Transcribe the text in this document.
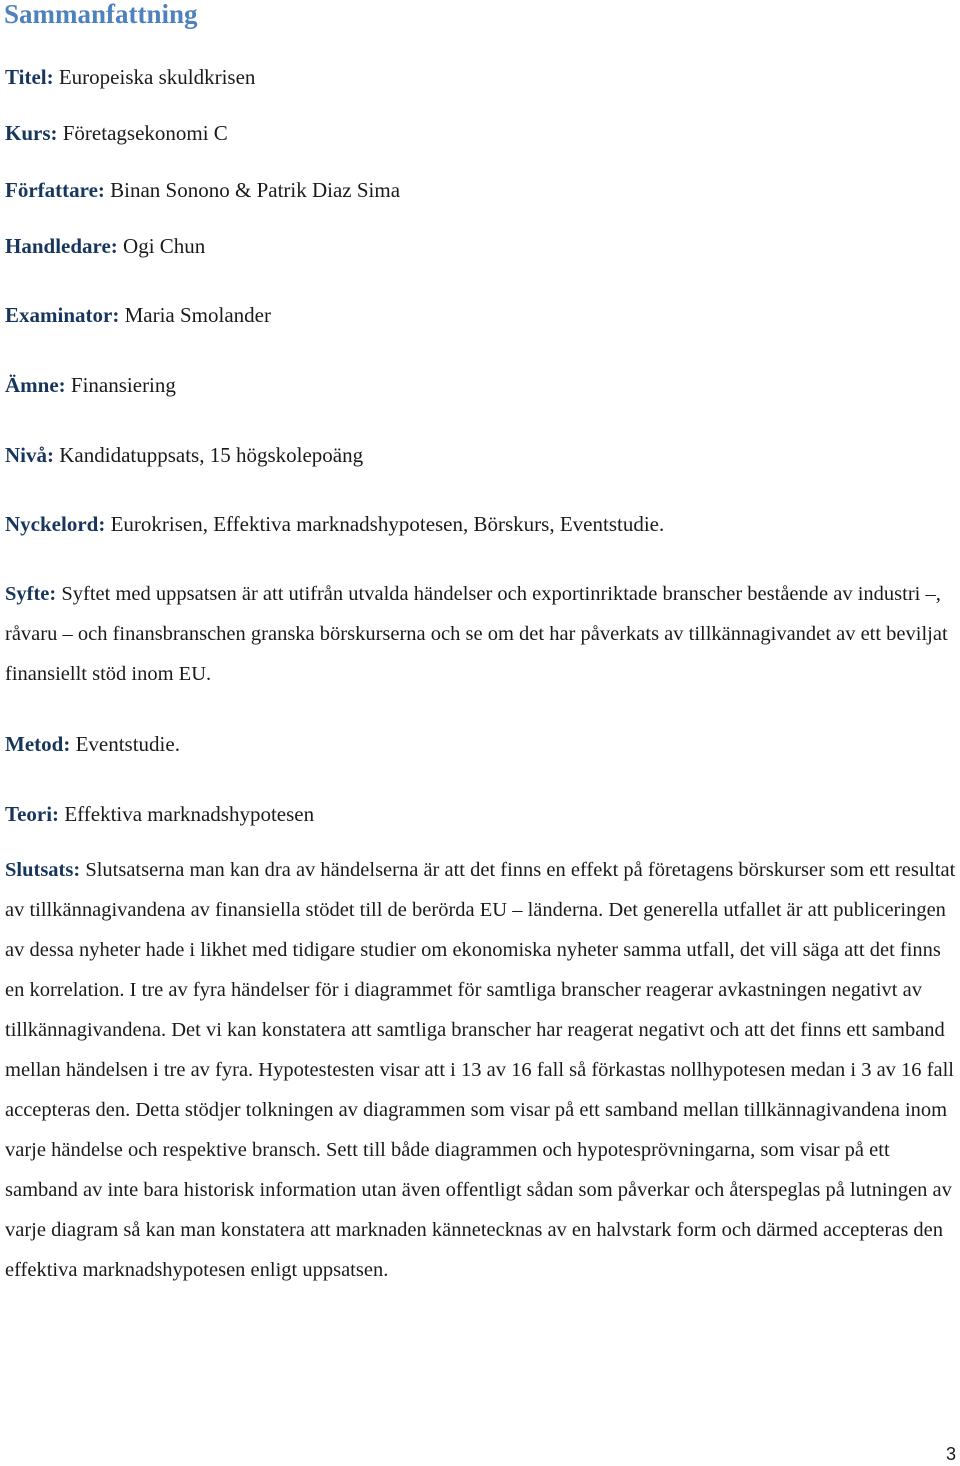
Sammanfattning

Titel: Europeiska skuldkrisen

Kurs: Företagsekonomi C

Författare: Binan Sonono & Patrik Diaz Sima

Handledare: Ogi Chun

Examinator: Maria Smolander

Ämne: Finansiering

Nivå: Kandidatuppsats, 15 högskolepoäng

Nyckelord: Eurokrisen, Effektiva marknadshypotesen, Börskurs, Eventstudie.

Syfte: Syftet med uppsatsen är att utifrån utvalda händelser och exportinriktade branscher bestående av industri –, råvaru – och finansbranschen granska börskurserna och se om det har påverkats av tillkännagivandet av ett beviljat finansiellt stöd inom EU.

Metod: Eventstudie.

Teori: Effektiva marknadshypotesen

Slutsats: Slutsatserna man kan dra av händelserna är att det finns en effekt på företagens börskurser som ett resultat av tillkännagivandena av finansiella stödet till de berörda EU – länderna. Det generella utfallet är att publiceringen av dessa nyheter hade i likhet med tidigare studier om ekonomiska nyheter samma utfall, det vill säga att det finns en korrelation. I tre av fyra händelser för i diagrammet för samtliga branscher reagerar avkastningen negativt av tillkännagivandena. Det vi kan konstatera att samtliga branscher har reagerat negativt och att det finns ett samband mellan händelsen i tre av fyra. Hypotestesten visar att i 13 av 16 fall så förkastas nollhypotesen medan i 3 av 16 fall accepteras den. Detta stödjer tolkningen av diagrammen som visar på ett samband mellan tillkännagivandena inom varje händelse och respektive bransch. Sett till både diagrammen och hypotesprövningarna, som visar på ett samband av inte bara historisk information utan även offentligt sådan som påverkar och återspeglas på lutningen av varje diagram så kan man konstatera att marknaden kännetecknas av en halvstark form och därmed accepteras den effektiva marknadshypotesen enligt uppsatsen.

3
